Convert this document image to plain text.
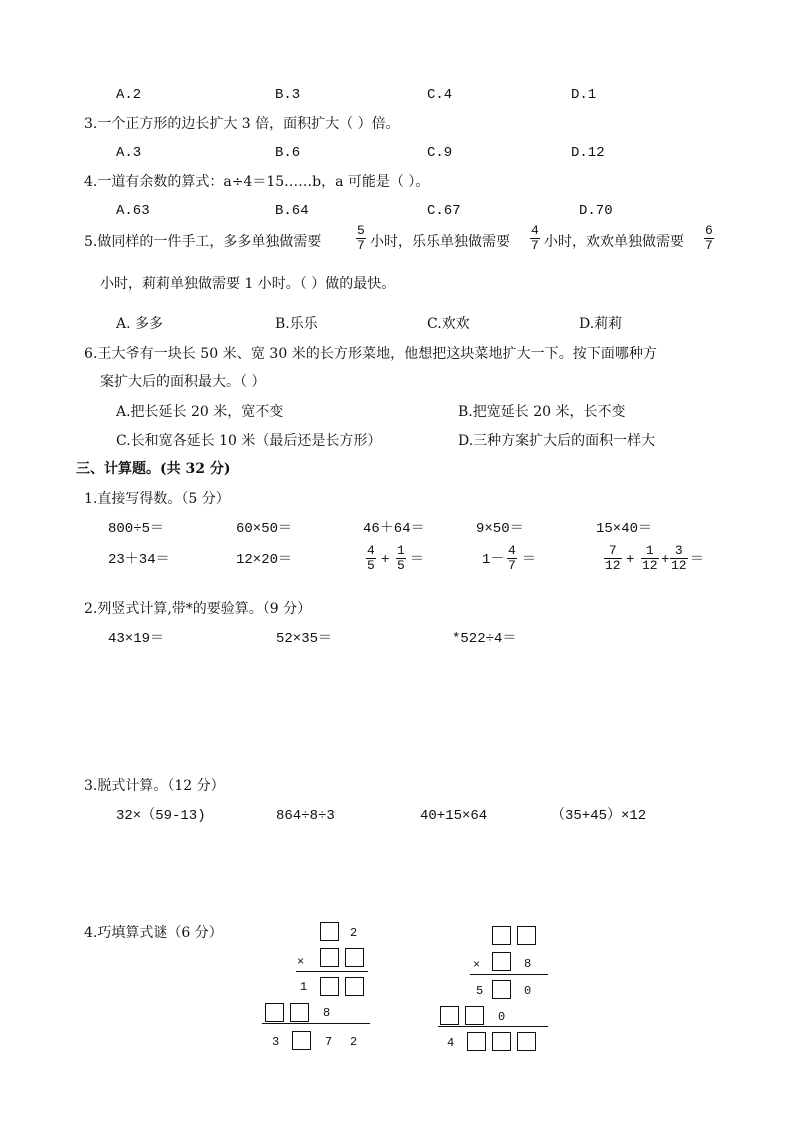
A.2	B.3	C.4	D.1
3.一个正方形的边长扩大 3 倍，面积扩大（ ）倍。
A.3	B.6	C.9	D.12
4.一道有余数的算式：a÷4＝15……b，a 可能是（ ）。
A.63	B.64	C.67	D.70
5.做同样的一件手工，多多单独做需要	$\frac{5}{7}$ 小时，乐乐单独做需要 $\frac{4}{7}$ 小时，欢欢单独做需要 $\frac{6}{7}$
小时，莉莉单独做需要 1 小时。（ ）做的最快。
A. 多多	B.乐乐	C.欢欢	D.莉莉
6.王大爷有一块长 50 米、宽 30 米的长方形菜地，他想把这块菜地扩大一下。按下面哪种方
案扩大后的面积最大。（ ）
A.把长延长 20 米，宽不变	B.把宽延长 20 米，长不变
C.长和宽各延长 10 米（最后还是长方形）	D.三种方案扩大后的面积一样大
三、计算题。(共 32 分)
1.直接写得数。（5 分）
800÷5＝	60×50＝	46＋64＝	9×50＝	15×40＝
23＋34＝	12×20＝	$\frac{4}{5} + \frac{1}{5}$ ＝	$1- \frac{4}{7}$ ＝	$\frac{7}{12} + \frac{1}{12} + \frac{3}{12}$ ＝
2.列竖式计算,带*的要验算。（9 分）
43×19＝	52×35＝	*522÷4＝
3.脱式计算。（12 分）
32×（59-13)	864÷8÷3	40+15×64	（35+45）×12
4.巧填算式谜（6 分）	2
×
1
8
3	7 2
×	8
5	0
0
4
